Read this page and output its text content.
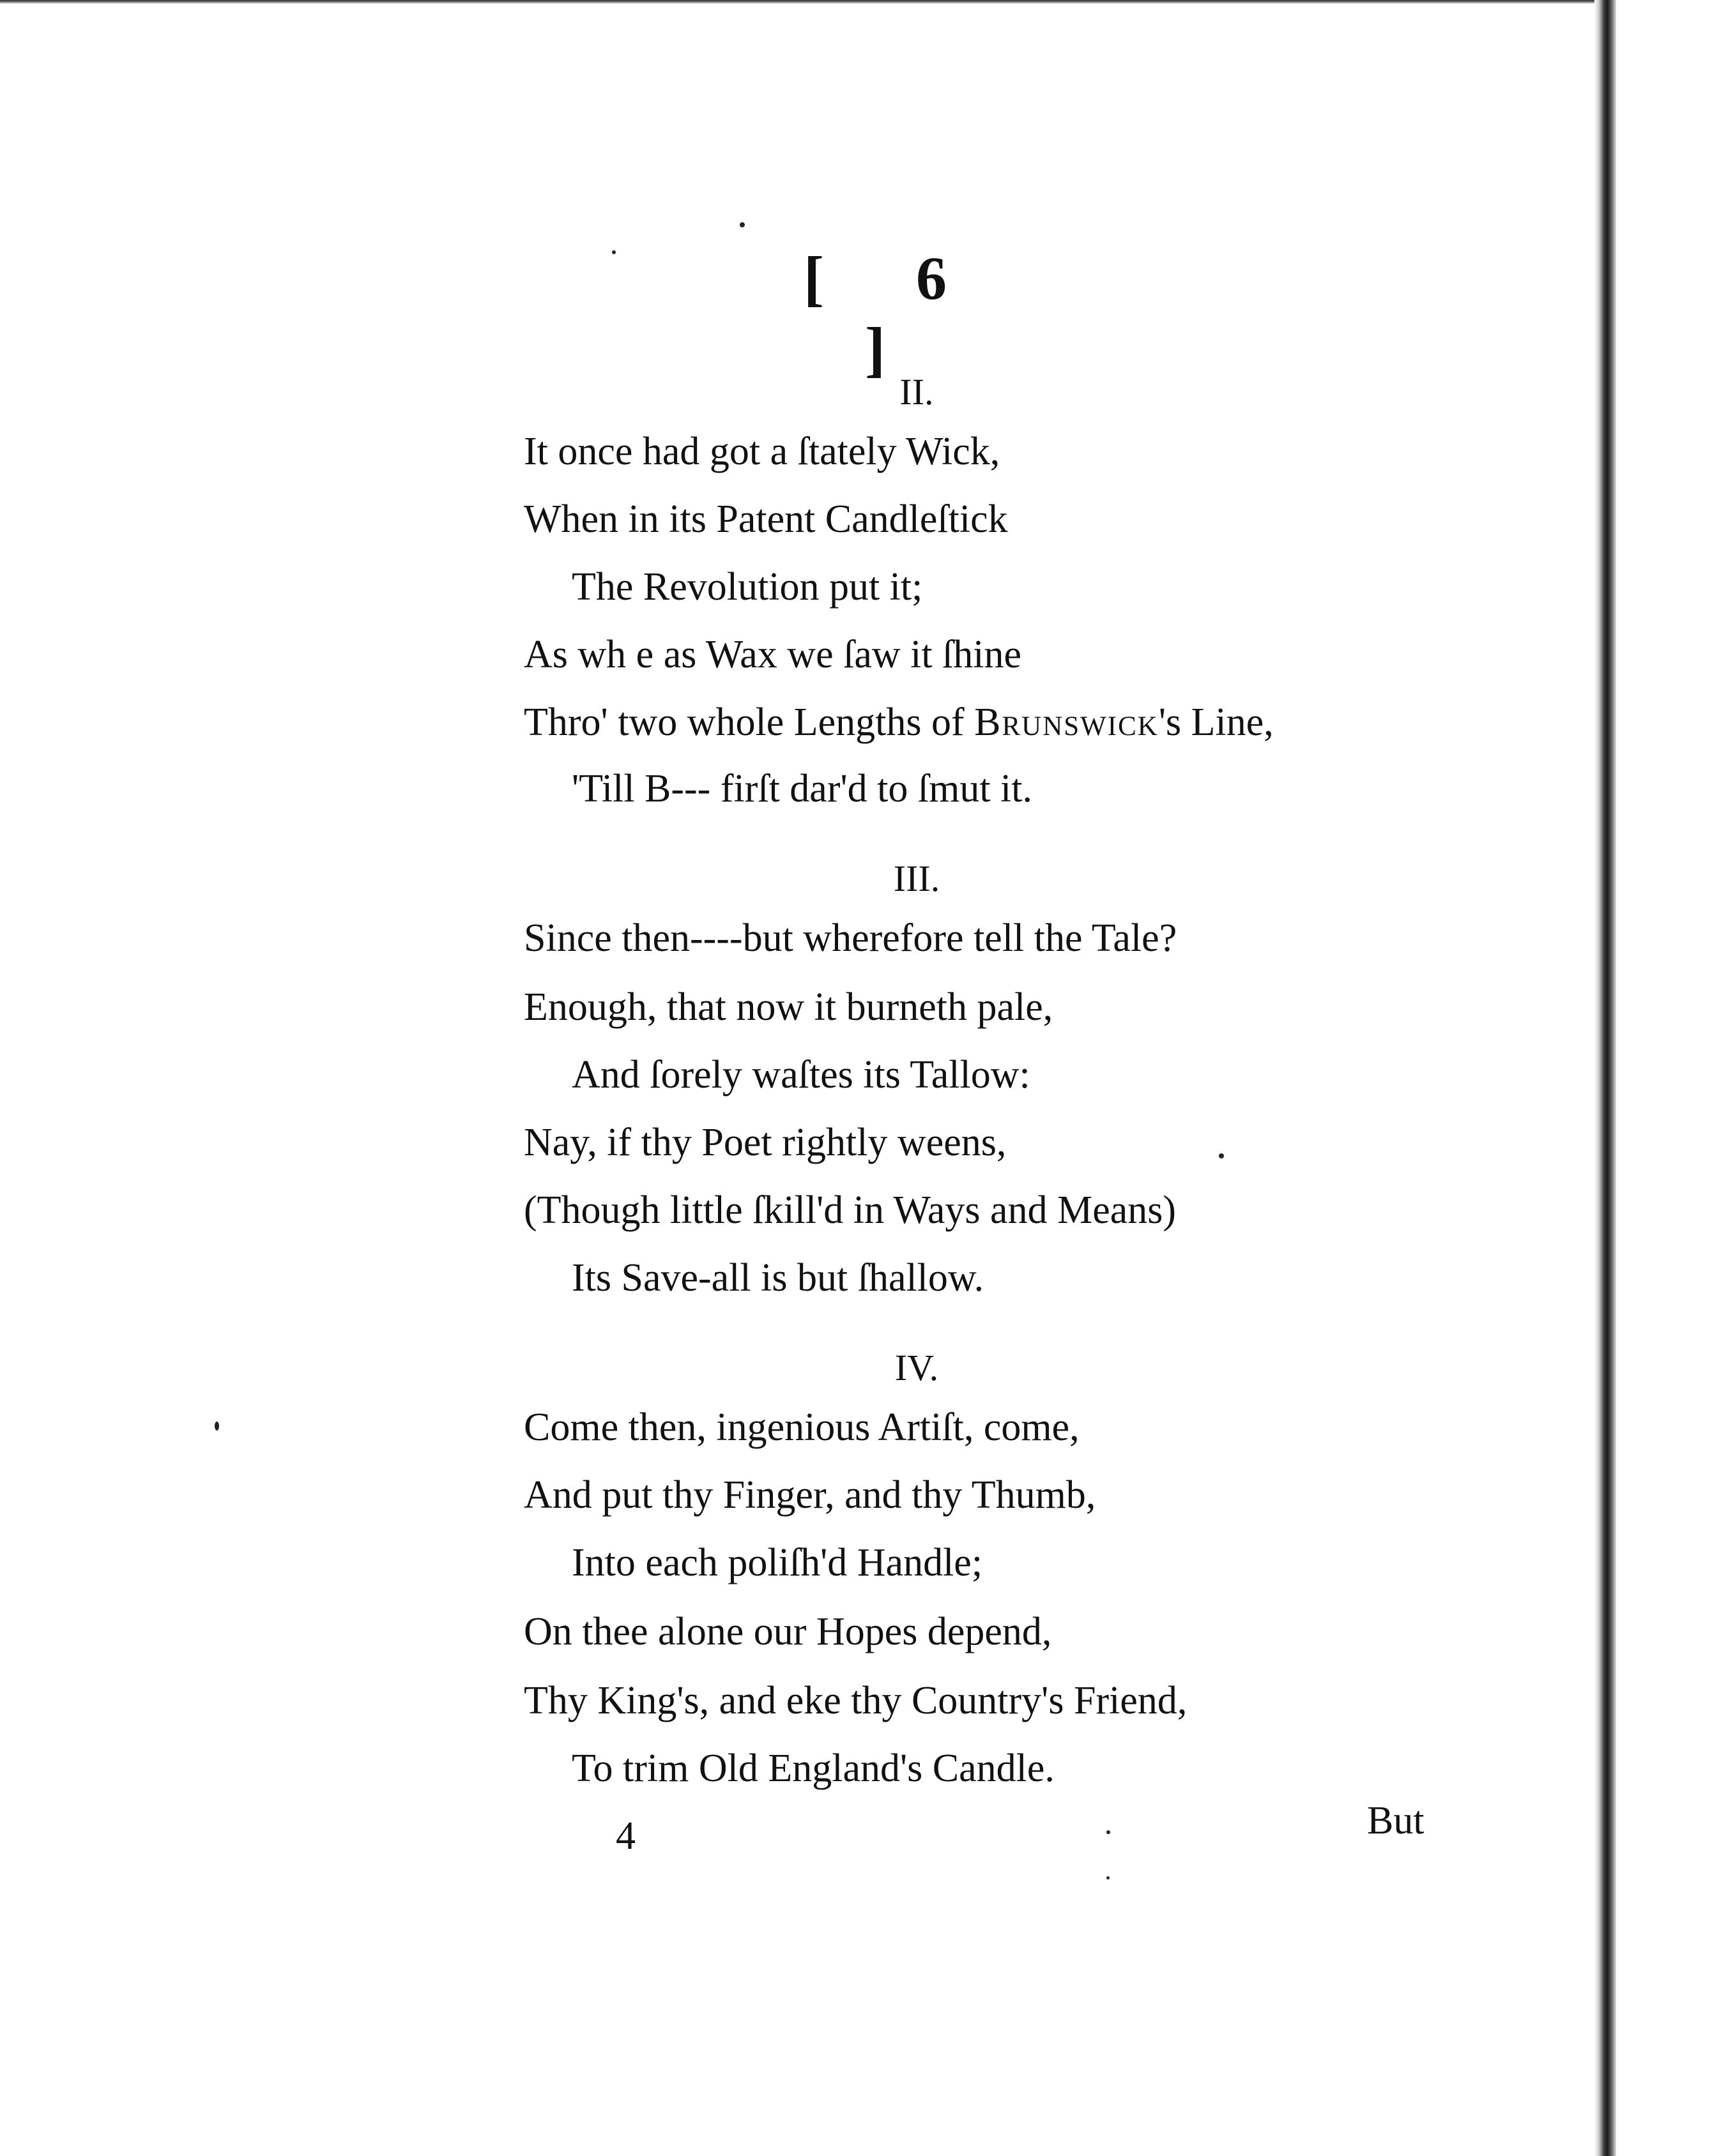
[ 6 ]
II.
It once had got a ſtately Wick,
When in its Patent Candleſtick
The Revolution put it;
As wh e as Wax we ſaw it ſhine
Thro' two whole Lengths of Brunswick's Line,
'Till B--- firſt dar'd to ſmut it.
III.
Since then----but wherefore tell the Tale?
Enough, that now it burneth pale,
And ſorely waſtes its Tallow:
Nay, if thy Poet rightly weens,
(Though little ſkill'd in Ways and Means)
Its Save-all is but ſhallow.
IV.
Come then, ingenious Artiſt, come,
And put thy Finger, and thy Thumb,
Into each poliſh'd Handle;
On thee alone our Hopes depend,
Thy King's, and eke thy Country's Friend,
To trim Old England's Candle.
4	But
